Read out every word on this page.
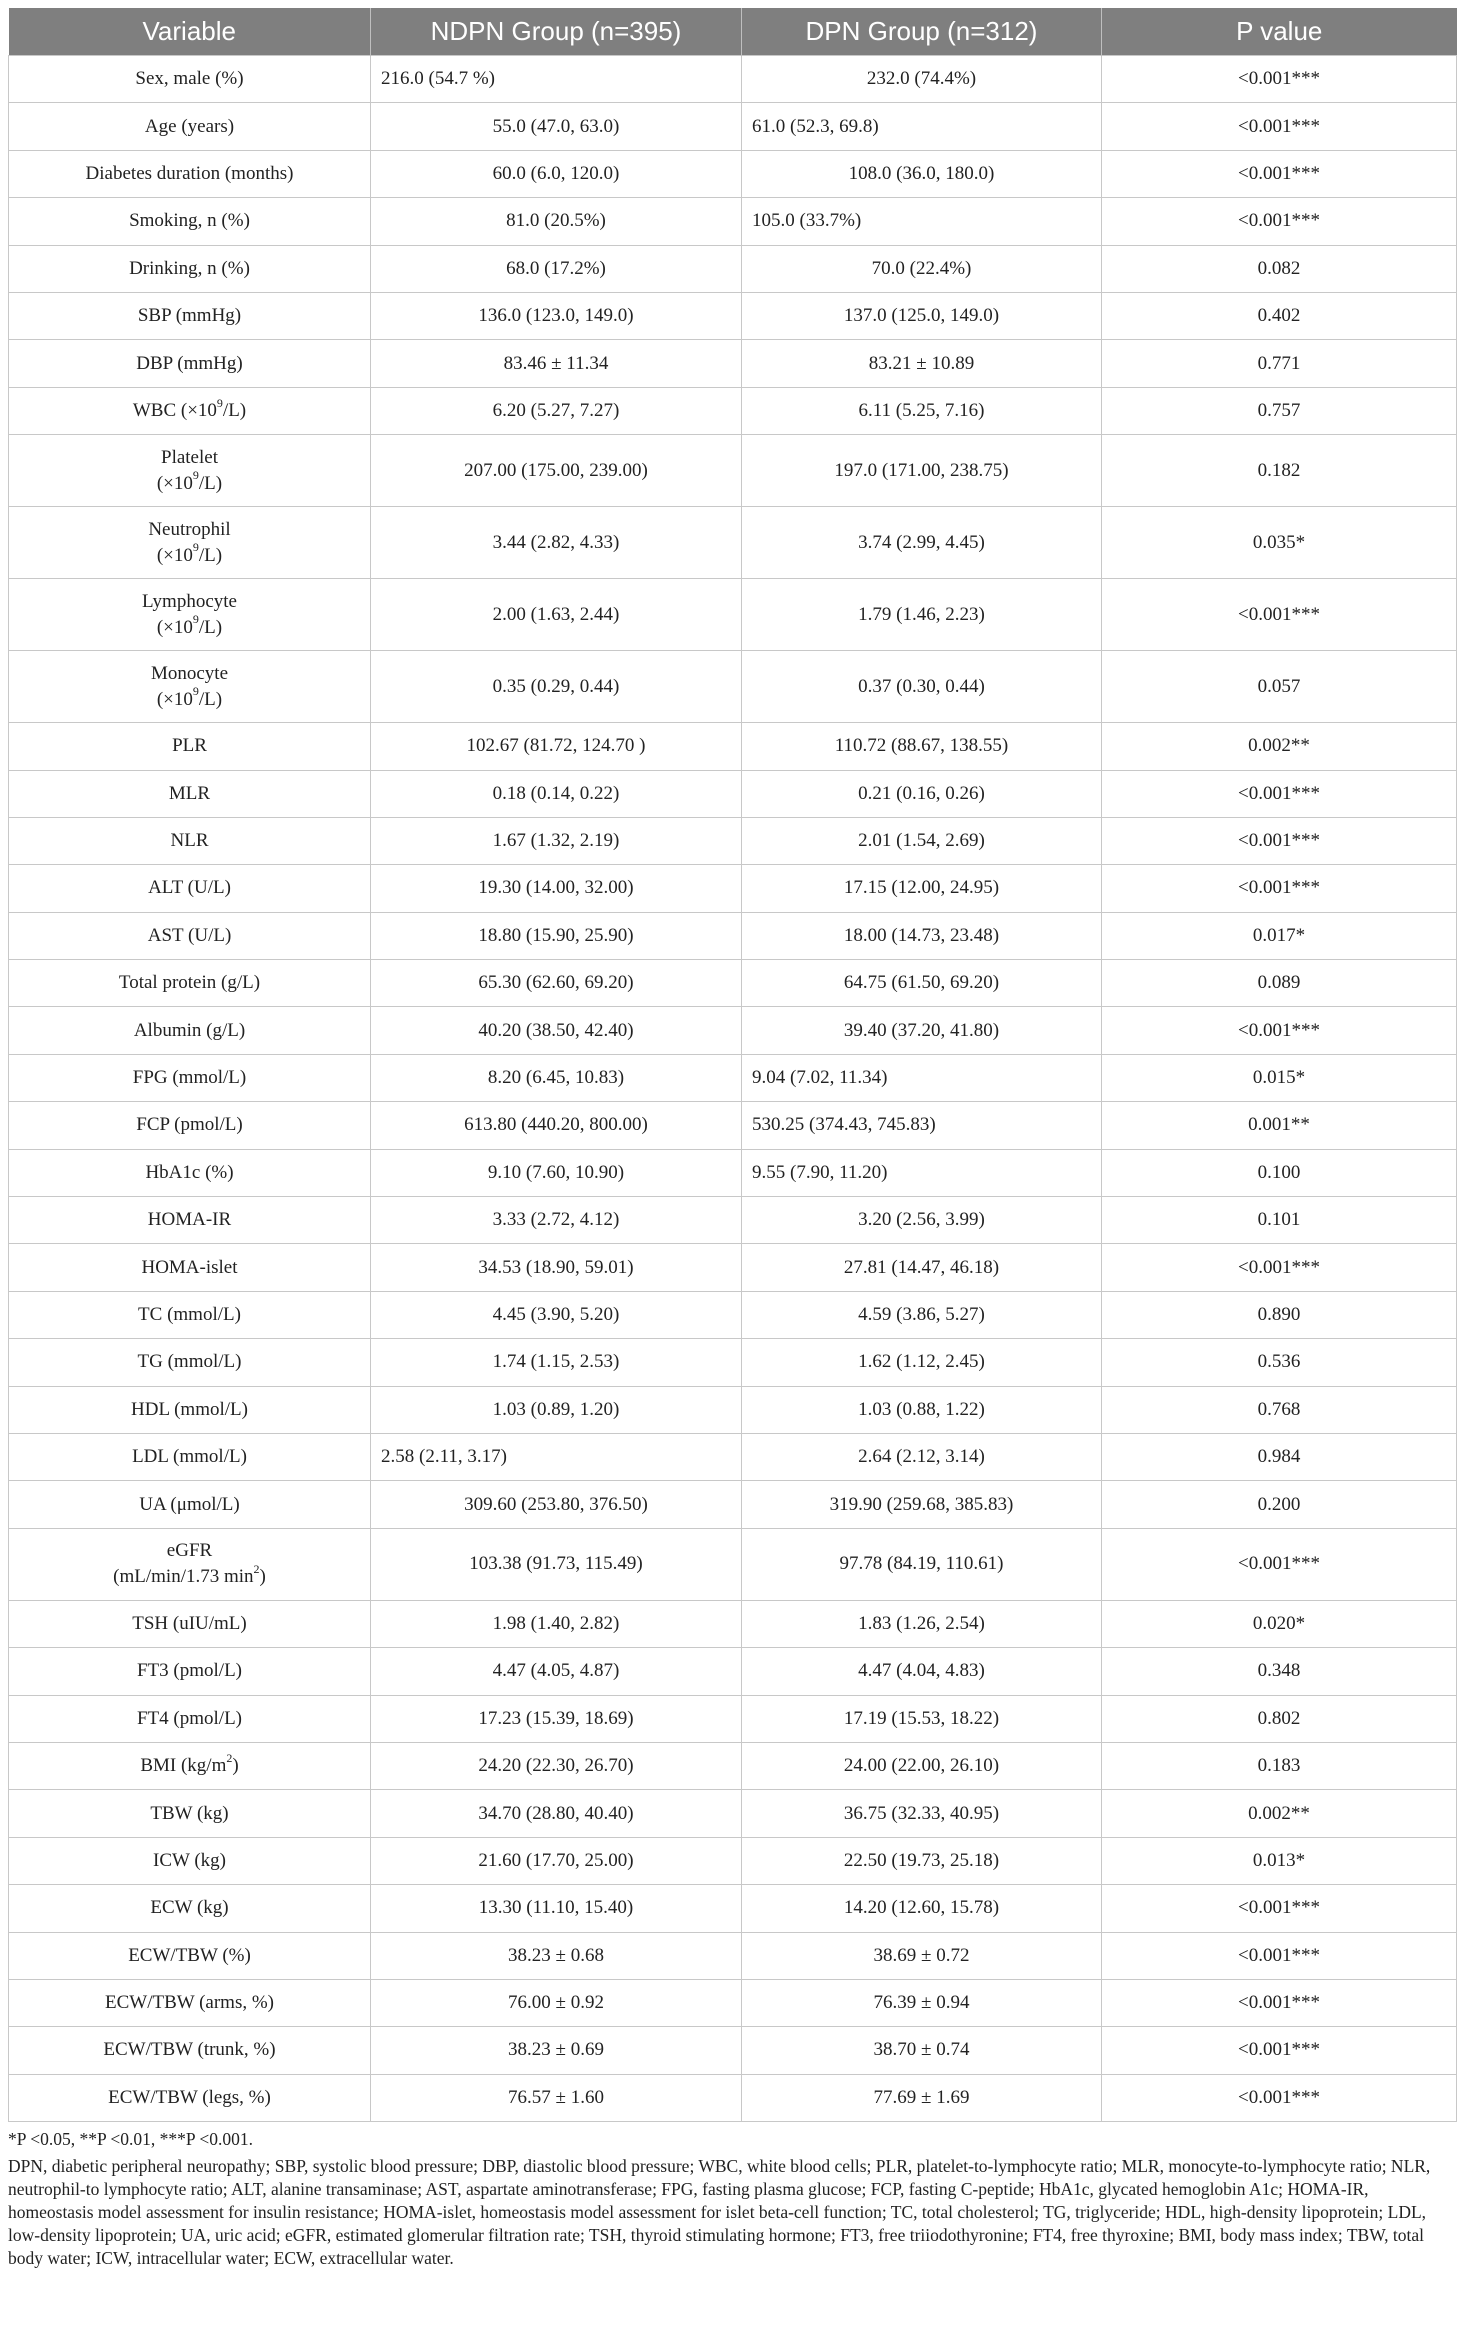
Variable	NDPN Group (n=395)	DPN Group (n=312)	P value
Sex, male (%)	216.0 (54.7 %)	232.0 (74.4%)	<0.001***
Age (years)	55.0 (47.0, 63.0)	61.0 (52.3, 69.8)	<0.001***
Diabetes duration (months)	60.0 (6.0, 120.0)	108.0 (36.0, 180.0)	<0.001***
Smoking, n (%)	81.0 (20.5%)	105.0 (33.7%)	<0.001***
Drinking, n (%)	68.0 (17.2%)	70.0 (22.4%)	0.082
SBP (mmHg)	136.0 (123.0, 149.0)	137.0 (125.0, 149.0)	0.402
DBP (mmHg)	83.46 ± 11.34	83.21 ± 10.89	0.771
WBC $(\times 10^9/L)$	6.20 (5.27, 7.27)	6.11 (5.25, 7.16)	0.757
Platelet
$(\times 10^9/L)$	207.00 (175.00, 239.00)	197.0 (171.00, 238.75)	0.182
Neutrophil
$(\times 10^9/L)$	3.44 (2.82, 4.33)	3.74 (2.99, 4.45)	0.035*
Lymphocyte
$(\times 10^9/L)$	2.00 (1.63, 2.44)	1.79 (1.46, 2.23)	<0.001***
Monocyte
$(\times 10^9/L)$	0.35 (0.29, 0.44)	0.37 (0.30, 0.44)	0.057
PLR	102.67 (81.72, 124.70 )	110.72 (88.67, 138.55)	0.002**
MLR	0.18 (0.14, 0.22)	0.21 (0.16, 0.26)	<0.001***
NLR	1.67 (1.32, 2.19)	2.01 (1.54, 2.69)	<0.001***
ALT (U/L)	19.30 (14.00, 32.00)	17.15 (12.00, 24.95)	<0.001***
AST (U/L)	18.80 (15.90, 25.90)	18.00 (14.73, 23.48)	0.017*
Total protein (g/L)	65.30 (62.60, 69.20)	64.75 (61.50, 69.20)	0.089
Albumin (g/L)	40.20 (38.50, 42.40)	39.40 (37.20, 41.80)	<0.001***
FPG (mmol/L)	8.20 (6.45, 10.83)	9.04 (7.02, 11.34)	0.015*
FCP (pmol/L)	613.80 (440.20, 800.00)	530.25 (374.43, 745.83)	0.001**
HbA1c (%)	9.10 (7.60, 10.90)	9.55 (7.90, 11.20)	0.100
HOMA-IR	3.33 (2.72, 4.12)	3.20 (2.56, 3.99)	0.101
HOMA-islet	34.53 (18.90, 59.01)	27.81 (14.47, 46.18)	<0.001***
TC (mmol/L)	4.45 (3.90, 5.20)	4.59 (3.86, 5.27)	0.890
TG (mmol/L)	1.74 (1.15, 2.53)	1.62 (1.12, 2.45)	0.536
HDL (mmol/L)	1.03 (0.89, 1.20)	1.03 (0.88, 1.22)	0.768
LDL (mmol/L)	2.58 (2.11, 3.17)	2.64 (2.12, 3.14)	0.984
UA (μmol/L)	309.60 (253.80, 376.50)	319.90 (259.68, 385.83)	0.200
eGFR
(mL/min/1.73 $\min^2$)	103.38 (91.73, 115.49)	97.78 (84.19, 110.61)	<0.001***
TSH (uIU/mL)	1.98 (1.40, 2.82)	1.83 (1.26, 2.54)	0.020*
FT3 (pmol/L)	4.47 (4.05, 4.87)	4.47 (4.04, 4.83)	0.348
FT4 (pmol/L)	17.23 (15.39, 18.69)	17.19 (15.53, 18.22)	0.802
BMI $(kg/m^2)$	24.20 (22.30, 26.70)	24.00 (22.00, 26.10)	0.183
TBW (kg)	34.70 (28.80, 40.40)	36.75 (32.33, 40.95)	0.002**
ICW (kg)	21.60 (17.70, 25.00)	22.50 (19.73, 25.18)	0.013*
ECW (kg)	13.30 (11.10, 15.40)	14.20 (12.60, 15.78)	<0.001***
ECW/TBW (%)	38.23 ± 0.68	38.69 ± 0.72	<0.001***
ECW/TBW (arms, %)	76.00 ± 0.92	76.39 ± 0.94	<0.001***
ECW/TBW (trunk, %)	38.23 ± 0.69	38.70 ± 0.74	<0.001***
ECW/TBW (legs, %)	76.57 ± 1.60	77.69 ± 1.69	<0.001***

*P <0.05, **P <0.01, ***P <0.001.

DPN, diabetic peripheral neuropathy; SBP, systolic blood pressure; DBP, diastolic blood pressure; WBC, white blood cells; PLR, platelet-to-lymphocyte ratio; MLR, monocyte-to-lymphocyte ratio; NLR, neutrophil-to lymphocyte ratio; ALT, alanine transaminase; AST, aspartate aminotransferase; FPG, fasting plasma glucose; FCP, fasting C-peptide; HbA1c, glycated hemoglobin A1c; HOMA-IR, homeostasis model assessment for insulin resistance; HOMA-islet, homeostasis model assessment for islet beta-cell function; TC, total cholesterol; TG, triglyceride; HDL, high-density lipoprotein; LDL, low-density lipoprotein; UA, uric acid; eGFR, estimated glomerular filtration rate; TSH, thyroid stimulating hormone; FT3, free triiodothyronine; FT4, free thyroxine; BMI, body mass index; TBW, total body water; ICW, intracellular water; ECW, extracellular water.
